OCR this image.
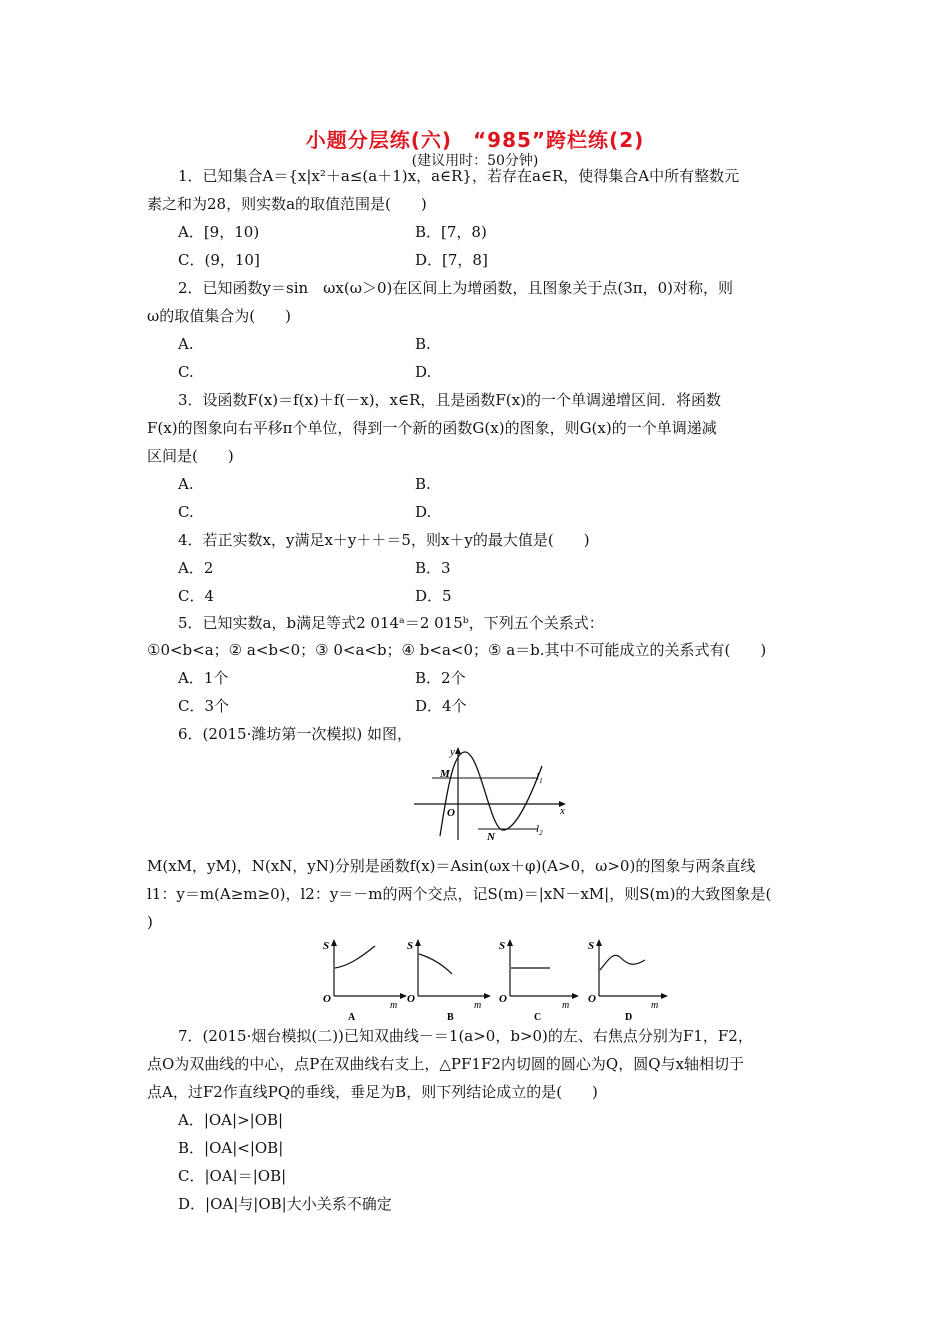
小题分层练(六)　“985”跨栏练(2)
(建议用时：50分钟)
1．已知集合A＝{x|x²＋a≤(a＋1)x，a∈R}，若存在a∈R，使得集合A中所有整数元
素之和为28，则实数a的取值范围是(　　)
A．[9，10)	B．[7，8)
C．(9，10]	D．[7，8]
2．已知函数y＝sin　ωx(ω＞0)在区间上为增函数，且图象关于点(3π，0)对称，则
ω的取值集合为(　　)
A.	B.
C.	D.
3．设函数F(x)＝f(x)＋f(－x)，x∈R，且是函数F(x)的一个单调递增区间．将函数
F(x)的图象向右平移π个单位，得到一个新的函数G(x)的图象，则G(x)的一个单调递减
区间是(　　)
A.	B.
C.	D.
4．若正实数x，y满足x＋y＋＋＝5，则x＋y的最大值是(　　)
A．2	B．3
C．4	D．5
5．已知实数a，b满足等式2 014ᵃ＝2 015ᵇ，下列五个关系式：
①0<b<a；② a<b<0；③ 0<a<b；④ b<a<0；⑤ a＝b.其中不可能成立的关系式有(　　)
A．1个	B．2个
C．3个	D．4个
6．(2015·潍坊第一次模拟) 如图，
y
x
M
N
O
$l_1$
$l_2$
M(xM，yM)，N(xN，yN)分别是函数f(x)＝Asin(ωx＋φ)(A>0，ω>0)的图象与两条直线
l1：y＝m(A≥m≥0)，l2：y＝－m的两个交点，记S(m)＝|xN－xM|，则S(m)的大致图象是(
)
S
O
m
A
S
O
m
B
S
O
m
C
S
O
m
D
7．(2015·烟台模拟(二))已知双曲线－＝1(a>0，b>0)的左、右焦点分别为F1，F2，
点O为双曲线的中心，点P在双曲线右支上，△PF1F2内切圆的圆心为Q，圆Q与x轴相切于
点A，过F2作直线PQ的垂线，垂足为B，则下列结论成立的是(　　)
A．|OA|>|OB|
B．|OA|<|OB|
C．|OA|＝|OB|
D．|OA|与|OB|大小关系不确定
